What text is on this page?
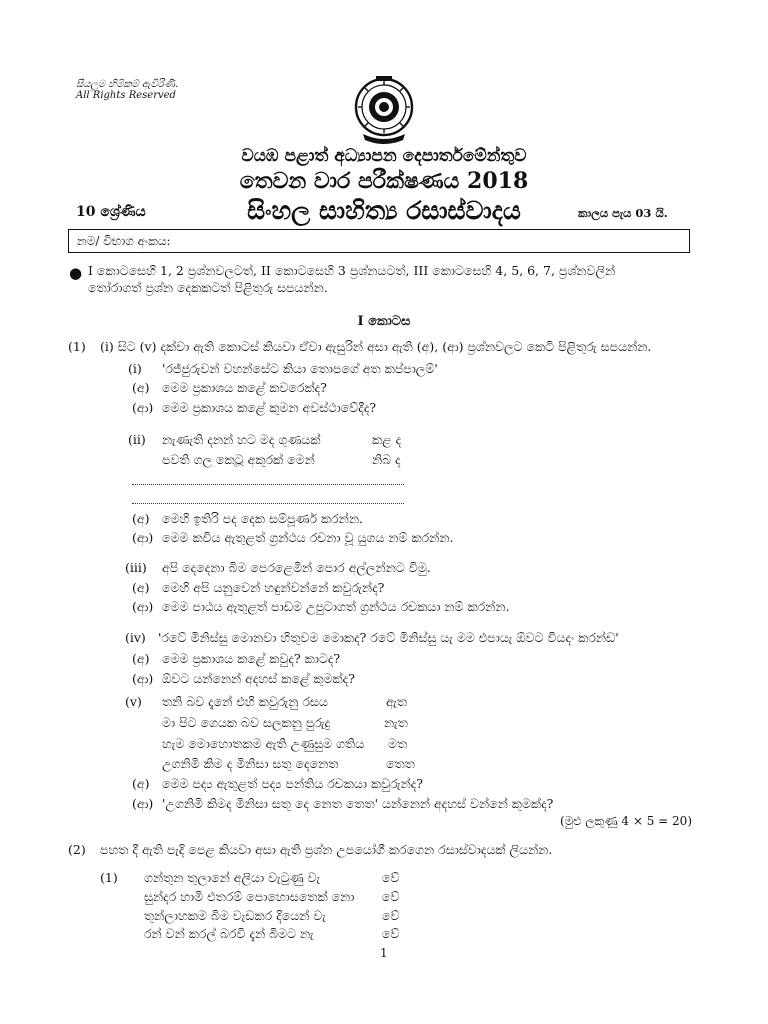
සියලුම හිමිකම් ඇවිරිණි.
All Rights Reserved
වයඹ පළාත් අධ්‍යාපන දෙපාර්තමේන්තුව
තෙවන වාර පරීක්ෂණය 2018
10 ශ්‍රේණිය	සිංහල සාහිත්‍ය රසාස්වාදය	කාලය පැය 03 යි.
නම/ විභාග අංකය:
● I කොටසෙහි 1, 2 ප්‍රශ්නවලටත්, II කොටසෙහි 3 ප්‍රශ්නයටත්, III කොටසෙහි 4, 5, 6, 7, ප්‍රශ්නවලින්
තෝරාගත් ප්‍රශ්න දෙකකටත් පිළිතුරු සපයන්න.
I කොටස
(1) (i) සිට (v) දක්වා ඇති කොටස් කියවා ඒවා ඇසුරින් අසා ඇති (අ), (ආ) ප්‍රශ්නවලට කෙටි පිළිතුරු සපයන්න.
(i) 'රජ්ජුරුවන් වහන්සේට කියා තොපගේ අත කප්පාලම්'
(අ) මෙම ප්‍රකාශය කළේ කවරෙක්ද?
(ආ) මෙම ප්‍රකාශය කළේ කුමන අවස්ථාවේදීද?
(ii) නැණැති දනන් හට මද ගුණයක්	කළ ද
පවති ගල කෙටූ අකුරක් මෙන්	නිබ ද
(අ) මෙහි ඉතිරි පද දෙක සම්පූර්ණ කරන්න.
(ආ) මෙම කවිය ඇතුළත් ග්‍රන්ථය රචනා වූ යුගය නම් කරන්න.
(iii) අපි දෙදෙනා බිම පෙරළෙමින් පොර අල්ලන්නට විමු.
(අ) මෙහි අපි යනුවෙන් හඳුන්වන්නේ කවුරුන්ද?
(ආ) මෙම පාඨය ඇතුළත් පාඩම උපුටාගත් ග්‍රන්ථය රචකයා නම් කරන්න.
(iv) 'රටේ මිනිස්සු මොනවා හිතුවම මොකද? රටේ මිනිස්සු යැ මම එපායැ ඕවට වියදං කරන්ඩ'
(අ) මෙම ප්‍රකාශය කළේ කවුද? කාටද?
(ආ) ඕවට යන්නෙන් අදහස් කළේ කුමක්ද?
(v) තනි බව දැනේ එහි කවුරුනු රසය	ඇත
මා පිට ගෙයක බව සලකනු පුරුදු	නැත
හැම මොහොතකම ඇති උණුසුම ගතිය මත
උගනිමි කිම ද මිනිසා සතු දෙනෙත	තෙත
(අ) මෙම පද්‍ය ඇතුළත් පද්‍ය පන්තිය රචකයා කවුරුන්ද?
(ආ) 'උගනිමි කිමද මිනිසා සතු දෙ නෙත තෙත' යන්නෙන් අදහස් වන්නේ කුමක්ද?
(මුළු ලකුණු 4 × 5 = 20)
(2) පහත දී ඇති පැදි පෙළ කියවා අසා ඇති ප්‍රශ්න උපයෝගී කරගෙන රසාස්වාදයක් ලියන්න.
(1) ගන්තුන තුලානේ අලියා වැටුණු වැ	වේ
සුන්දර හාමි එතරම් පොහොසතෙක් නො වේ
තුන්ලාහකම බිම වැඩකර දියෙන් වැ	වේ
රන් වන් කරල් බරවී දැන් බිමට නැ	වේ
1
